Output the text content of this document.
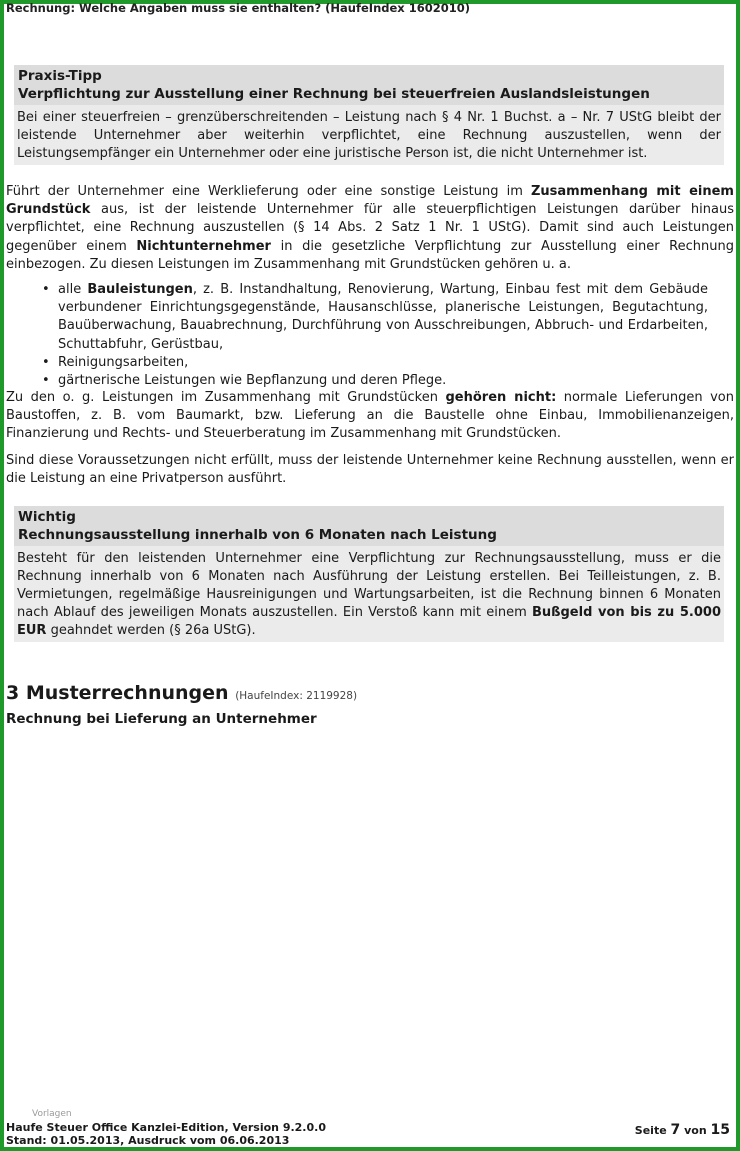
Rechnung: Welche Angaben muss sie enthalten? (HaufeIndex 1602010)
Praxis-Tipp
Verpflichtung zur Ausstellung einer Rechnung bei steuerfreien Auslandsleistungen
Bei einer steuerfreien – grenzüberschreitenden – Leistung nach § 4 Nr. 1 Buchst. a – Nr. 7 UStG bleibt der leistende Unternehmer aber weiterhin verpflichtet, eine Rechnung auszustellen, wenn der Leistungsempfänger ein Unternehmer oder eine juristische Person ist, die nicht Unternehmer ist.
Führt der Unternehmer eine Werklieferung oder eine sonstige Leistung im Zusammenhang mit einem Grundstück aus, ist der leistende Unternehmer für alle steuerpflichtigen Leistungen darüber hinaus verpflichtet, eine Rechnung auszustellen (§ 14 Abs. 2 Satz 1 Nr. 1 UStG). Damit sind auch Leistungen gegenüber einem Nichtunternehmer in die gesetzliche Verpflichtung zur Ausstellung einer Rechnung einbezogen. Zu diesen Leistungen im Zusammenhang mit Grundstücken gehören u. a.
• alle Bauleistungen, z. B. Instandhaltung, Renovierung, Wartung, Einbau fest mit dem Gebäude verbundener Einrichtungsgegenstände, Hausanschlüsse, planerische Leistungen, Begutachtung, Bauüberwachung, Bauabrechnung, Durchführung von Ausschreibungen, Abbruch- und Erdarbeiten, Schuttabfuhr, Gerüstbau,
• Reinigungsarbeiten,
• gärtnerische Leistungen wie Bepflanzung und deren Pflege.
Zu den o. g. Leistungen im Zusammenhang mit Grundstücken gehören nicht: normale Lieferungen von Baustoffen, z. B. vom Baumarkt, bzw. Lieferung an die Baustelle ohne Einbau, Immobilienanzeigen, Finanzierung und Rechts- und Steuerberatung im Zusammenhang mit Grundstücken.
Sind diese Voraussetzungen nicht erfüllt, muss der leistende Unternehmer keine Rechnung ausstellen, wenn er die Leistung an eine Privatperson ausführt.
Wichtig
Rechnungsausstellung innerhalb von 6 Monaten nach Leistung
Besteht für den leistenden Unternehmer eine Verpflichtung zur Rechnungsausstellung, muss er die Rechnung innerhalb von 6 Monaten nach Ausführung der Leistung erstellen. Bei Teilleistungen, z. B. Vermietungen, regelmäßige Hausreinigungen und Wartungsarbeiten, ist die Rechnung binnen 6 Monaten nach Ablauf des jeweiligen Monats auszustellen. Ein Verstoß kann mit einem Bußgeld von bis zu 5.000 EUR geahndet werden (§ 26a UStG).
3 Musterrechnungen (HaufeIndex: 2119928)
Rechnung bei Lieferung an Unternehmer
Vorlagen
Haufe Steuer Office Kanzlei-Edition, Version 9.2.0.0
Stand: 01.05.2013, Ausdruck vom 06.06.2013
Seite 7 von 15
